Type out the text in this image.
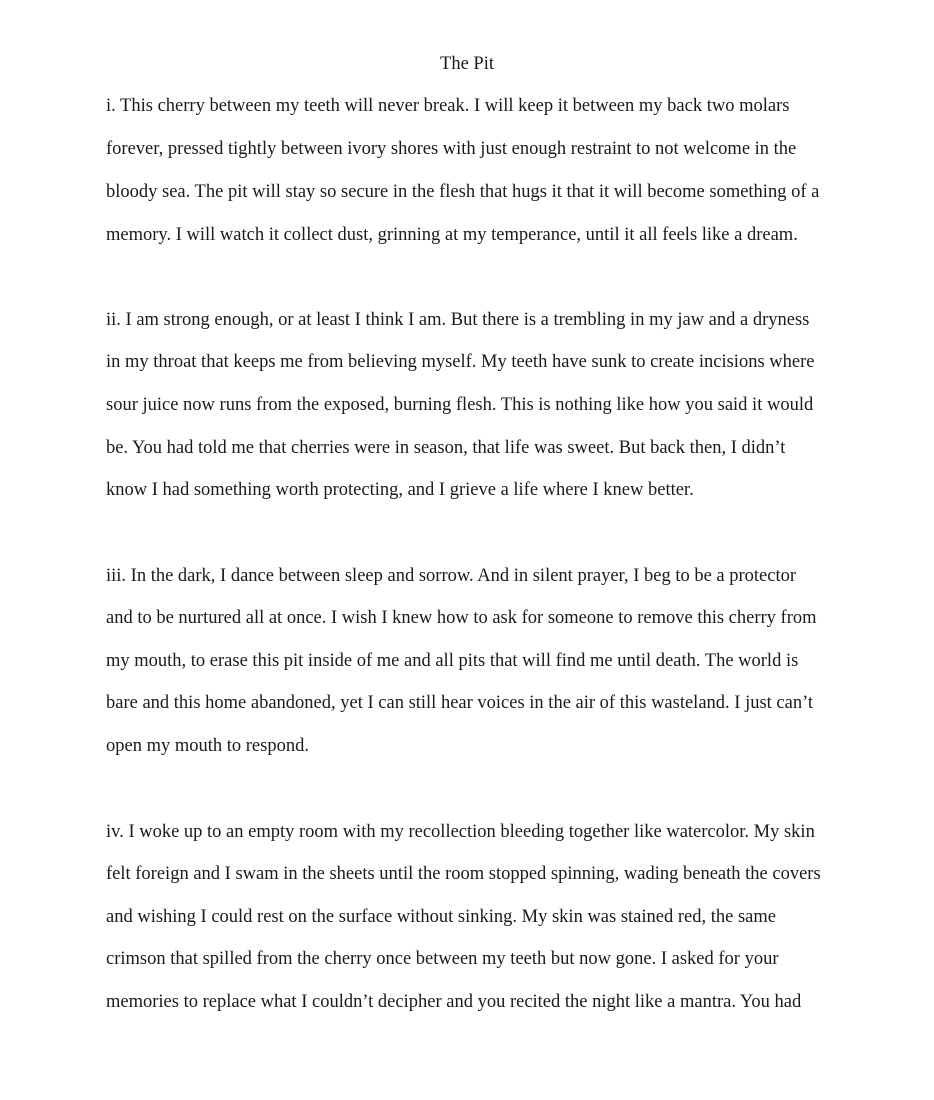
The Pit
i. This cherry between my teeth will never break. I will keep it between my back two molars
forever, pressed tightly between ivory shores with just enough restraint to not welcome in the
bloody sea. The pit will stay so secure in the flesh that hugs it that it will become something of a
memory. I will watch it collect dust, grinning at my temperance, until it all feels like a dream.
ii. I am strong enough, or at least I think I am. But there is a trembling in my jaw and a dryness
in my throat that keeps me from believing myself. My teeth have sunk to create incisions where
sour juice now runs from the exposed, burning flesh. This is nothing like how you said it would
be. You had told me that cherries were in season, that life was sweet. But back then, I didn’t
know I had something worth protecting, and I grieve a life where I knew better.
iii. In the dark, I dance between sleep and sorrow. And in silent prayer, I beg to be a protector
and to be nurtured all at once. I wish I knew how to ask for someone to remove this cherry from
my mouth, to erase this pit inside of me and all pits that will find me until death. The world is
bare and this home abandoned, yet I can still hear voices in the air of this wasteland. I just can’t
open my mouth to respond.
iv. I woke up to an empty room with my recollection bleeding together like watercolor. My skin
felt foreign and I swam in the sheets until the room stopped spinning, wading beneath the covers
and wishing I could rest on the surface without sinking. My skin was stained red, the same
crimson that spilled from the cherry once between my teeth but now gone. I asked for your
memories to replace what I couldn’t decipher and you recited the night like a mantra. You had
